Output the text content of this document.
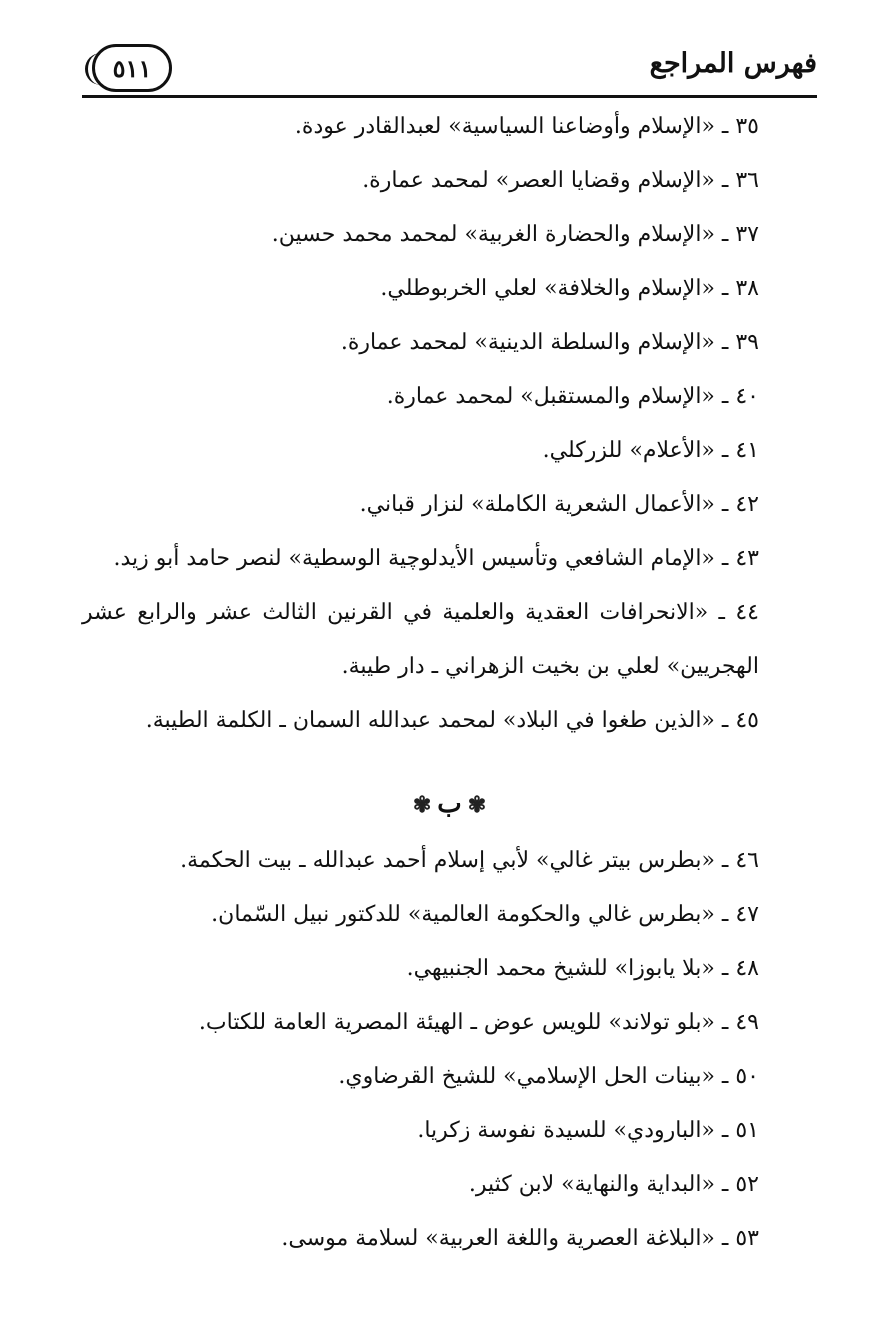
فهرس المراجع
٥١١
٣٥ ـ «الإسلام وأوضاعنا السياسية» لعبدالقادر عودة.
٣٦ ـ «الإسلام وقضايا العصر» لمحمد عمارة.
٣٧ ـ «الإسلام والحضارة الغربية» لمحمد محمد حسين.
٣٨ ـ «الإسلام والخلافة» لعلي الخربوطلي.
٣٩ ـ «الإسلام والسلطة الدينية» لمحمد عمارة.
٤٠ ـ «الإسلام والمستقبل» لمحمد عمارة.
٤١ ـ «الأعلام» للزركلي.
٤٢ ـ «الأعمال الشعرية الكاملة» لنزار قباني.
٤٣ ـ «الإمام الشافعي وتأسيس الأيدلوچية الوسطية» لنصر حامد أبو زيد.
٤٤ ـ «الانحرافات العقدية والعلمية في القرنين الثالث عشر والرابع عشر الهجريين» لعلي بن بخيت الزهراني ـ دار طيبة.
٤٥ ـ «الذين طغوا في البلاد» لمحمد عبدالله السمان ـ الكلمة الطيبة.
✾ ب ✾
٤٦ ـ «بطرس بيتر غالي» لأبي إسلام أحمد عبدالله ـ بيت الحكمة.
٤٧ ـ «بطرس غالي والحكومة العالمية» للدكتور نبيل السّمان.
٤٨ ـ «بلا يابوزا» للشيخ محمد الجنبيهي.
٤٩ ـ «بلو تولاند» للويس عوض ـ الهيئة المصرية العامة للكتاب.
٥٠ ـ «بينات الحل الإسلامي» للشيخ القرضاوي.
٥١ ـ «البارودي» للسيدة نفوسة زكريا.
٥٢ ـ «البداية والنهاية» لابن كثير.
٥٣ ـ «البلاغة العصرية واللغة العربية» لسلامة موسى.
